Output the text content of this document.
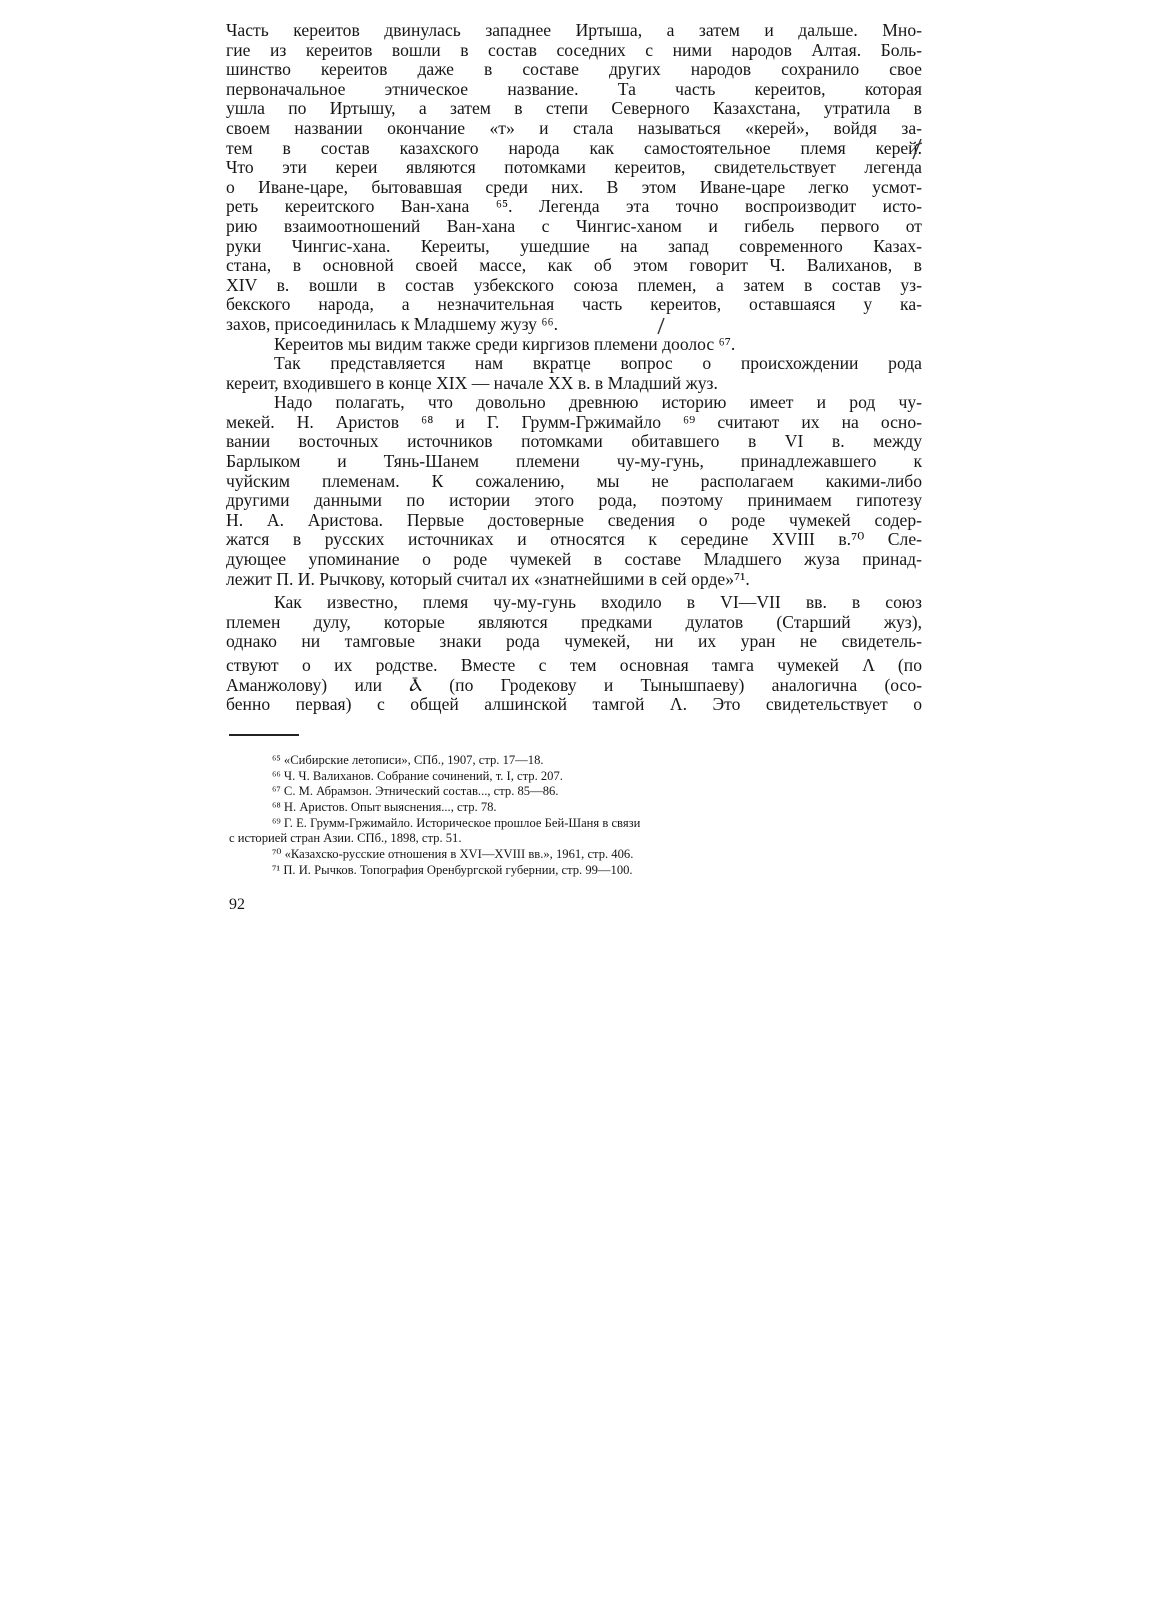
Часть кереитов двинулась западнее Иртыша, а затем и дальше. Мно-
гие из кереитов вошли в состав соседних с ними народов Алтая. Боль-
шинство кереитов даже в составе других народов сохранило свое
первоначальное этническое название. Та часть кереитов, которая
ушла по Иртышу, а затем в степи Северного Казахстана, утратила в
своем названии окончание «т» и стала называться «керей», войдя за-
тем в состав казахского народа как самостоятельное племя керей.
Что эти кереи являются потомками кереитов, свидетельствует легенда
о Иване-царе, бытовавшая среди них. В этом Иване-царе легко усмот-
реть кереитского Ван-хана ⁶⁵. Легенда эта точно воспроизводит исто-
рию взаимоотношений Ван-хана с Чингис-ханом и гибель первого от
руки Чингис-хана. Кереиты, ушедшие на запад современного Казах-
стана, в основной своей массе, как об этом говорит Ч. Валиханов, в
XIV в. вошли в состав узбекского союза племен, а затем в состав уз-
бекского народа, а незначительная часть кереитов, оставшаяся у ка-
захов, присоединилась к Младшему жузу ⁶⁶.
Кереитов мы видим также среди киргизов племени доолос ⁶⁷.
Так представляется нам вкратце вопрос о происхождении рода
кереит, входившего в конце XIX — начале XX в. в Младший жуз.
Надо полагать, что довольно древнюю историю имеет и род чу-
мекей. Н. Аристов ⁶⁸ и Г. Грумм-Гржимайло ⁶⁹ считают их на осно-
вании восточных источников потомками обитавшего в VI в. между
Барлыком и Тянь-Шанем племени чу-му-гунь, принадлежавшего к
чуйским племенам. К сожалению, мы не располагаем какими-либо
другими данными по истории этого рода, поэтому принимаем гипотезу
Н. А. Аристова. Первые достоверные сведения о роде чумекей содер-
жатся в русских источниках и относятся к середине XVIII в.⁷⁰ Сле-
дующее упоминание о роде чумекей в составе Младшего жуза принад-
лежит П. И. Рычкову, который считал их «знатнейшими в сей орде»⁷¹.
Как известно, племя чу-му-гунь входило в VI—VII вв. в союз
племен дулу, которые являются предками дулатов (Старший жуз),
однако ни тамговые знаки рода чумекей, ни их уран не свидетель-
ствуют о их родстве. Вместе с тем основная тамга чумекей Λ (по
Аманжолову) или Ⲁ̄ (по Гродекову и Тынышпаеву) аналогична (осо-
бенно первая) с общей алшинской тамгой Λ. Это свидетельствует о
⁶⁵ «Сибирские летописи», СПб., 1907, стр. 17—18.
⁶⁶ Ч. Ч. Валиханов. Собрание сочинений, т. I, стр. 207.
⁶⁷ С. М. Абрамзон. Этнический состав..., стр. 85—86.
⁶⁸ Н. Аристов. Опыт выяснения..., стр. 78.
⁶⁹ Г. Е. Грумм-Гржимайло. Историческое прошлое Бей-Шаня в связи
с историей стран Азии. СПб., 1898, стр. 51.
⁷⁰ «Казахско-русские отношения в XVI—XVIII вв.», 1961, стр. 406.
⁷¹ П. И. Рычков. Топография Оренбургской губернии, стр. 99—100.
92
